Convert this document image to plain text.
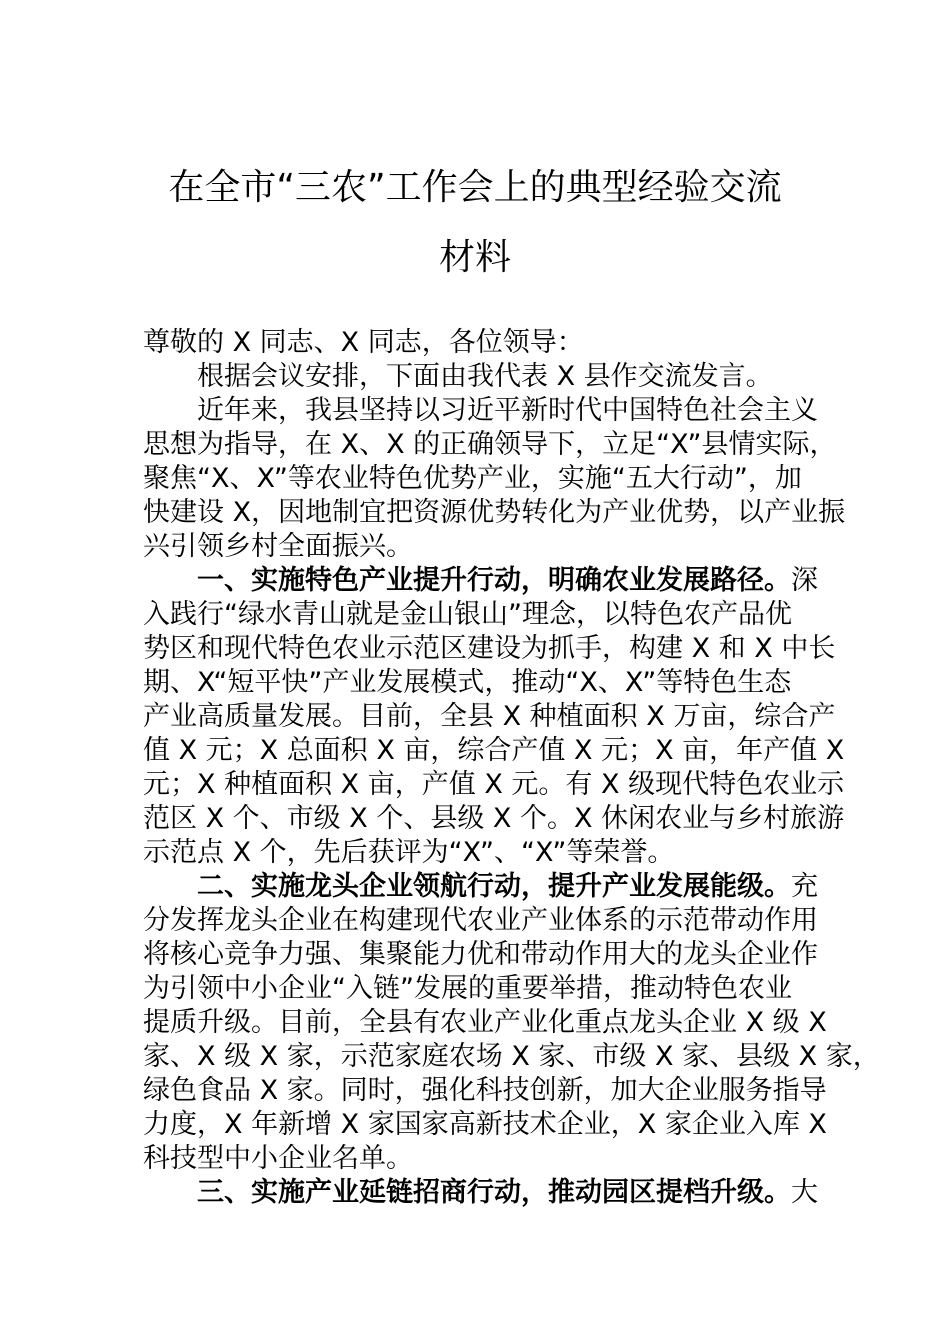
在全市“三农”工作会上的典型经验交流
材料
尊敬的 X 同志、X 同志，各位领导：
根据会议安排，下面由我代表 X 县作交流发言。
近年来，我县坚持以习近平新时代中国特色社会主义
思想为指导，在 X、X 的正确领导下，立足“X”县情实际，
聚焦“X、X”等农业特色优势产业，实施“五大行动”，加
快建设 X，因地制宜把资源优势转化为产业优势，以产业振
兴引领乡村全面振兴。
一、实施特色产业提升行动，明确农业发展路径。深
入践行“绿水青山就是金山银山”理念，以特色农产品优
势区和现代特色农业示范区建设为抓手，构建 X 和 X 中长
期、X“短平快”产业发展模式，推动“X、X”等特色生态
产业高质量发展。目前，全县 X 种植面积 X 万亩，综合产
值 X 元；X 总面积 X 亩，综合产值 X 元；X 亩，年产值 X
元；X 种植面积 X 亩，产值 X 元。有 X 级现代特色农业示
范区 X 个、市级 X 个、县级 X 个。X 休闲农业与乡村旅游
示范点 X 个，先后获评为“X”、“X”等荣誉。
二、实施龙头企业领航行动，提升产业发展能级。充
分发挥龙头企业在构建现代农业产业体系的示范带动作用
将核心竞争力强、集聚能力优和带动作用大的龙头企业作
为引领中小企业“入链”发展的重要举措，推动特色农业
提质升级。目前，全县有农业产业化重点龙头企业 X 级 X
家、X 级 X 家，示范家庭农场 X 家、市级 X 家、县级 X 家，
绿色食品 X 家。同时，强化科技创新，加大企业服务指导
力度，X 年新增 X 家国家高新技术企业，X 家企业入库 X
科技型中小企业名单。
三、实施产业延链招商行动，推动园区提档升级。大
